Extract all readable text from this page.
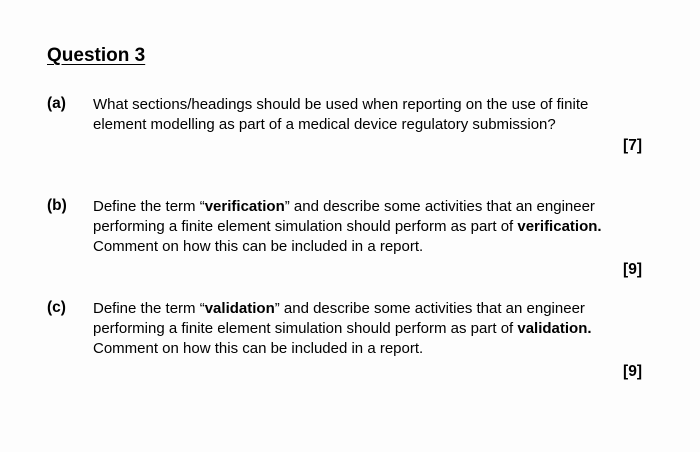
Question 3
(a) What sections/headings should be used when reporting on the use of finite element modelling as part of a medical device regulatory submission?
[7]
(b) Define the term “verification” and describe some activities that an engineer performing a finite element simulation should perform as part of verification. Comment on how this can be included in a report.
[9]
(c) Define the term “validation” and describe some activities that an engineer performing a finite element simulation should perform as part of validation. Comment on how this can be included in a report.
[9]
